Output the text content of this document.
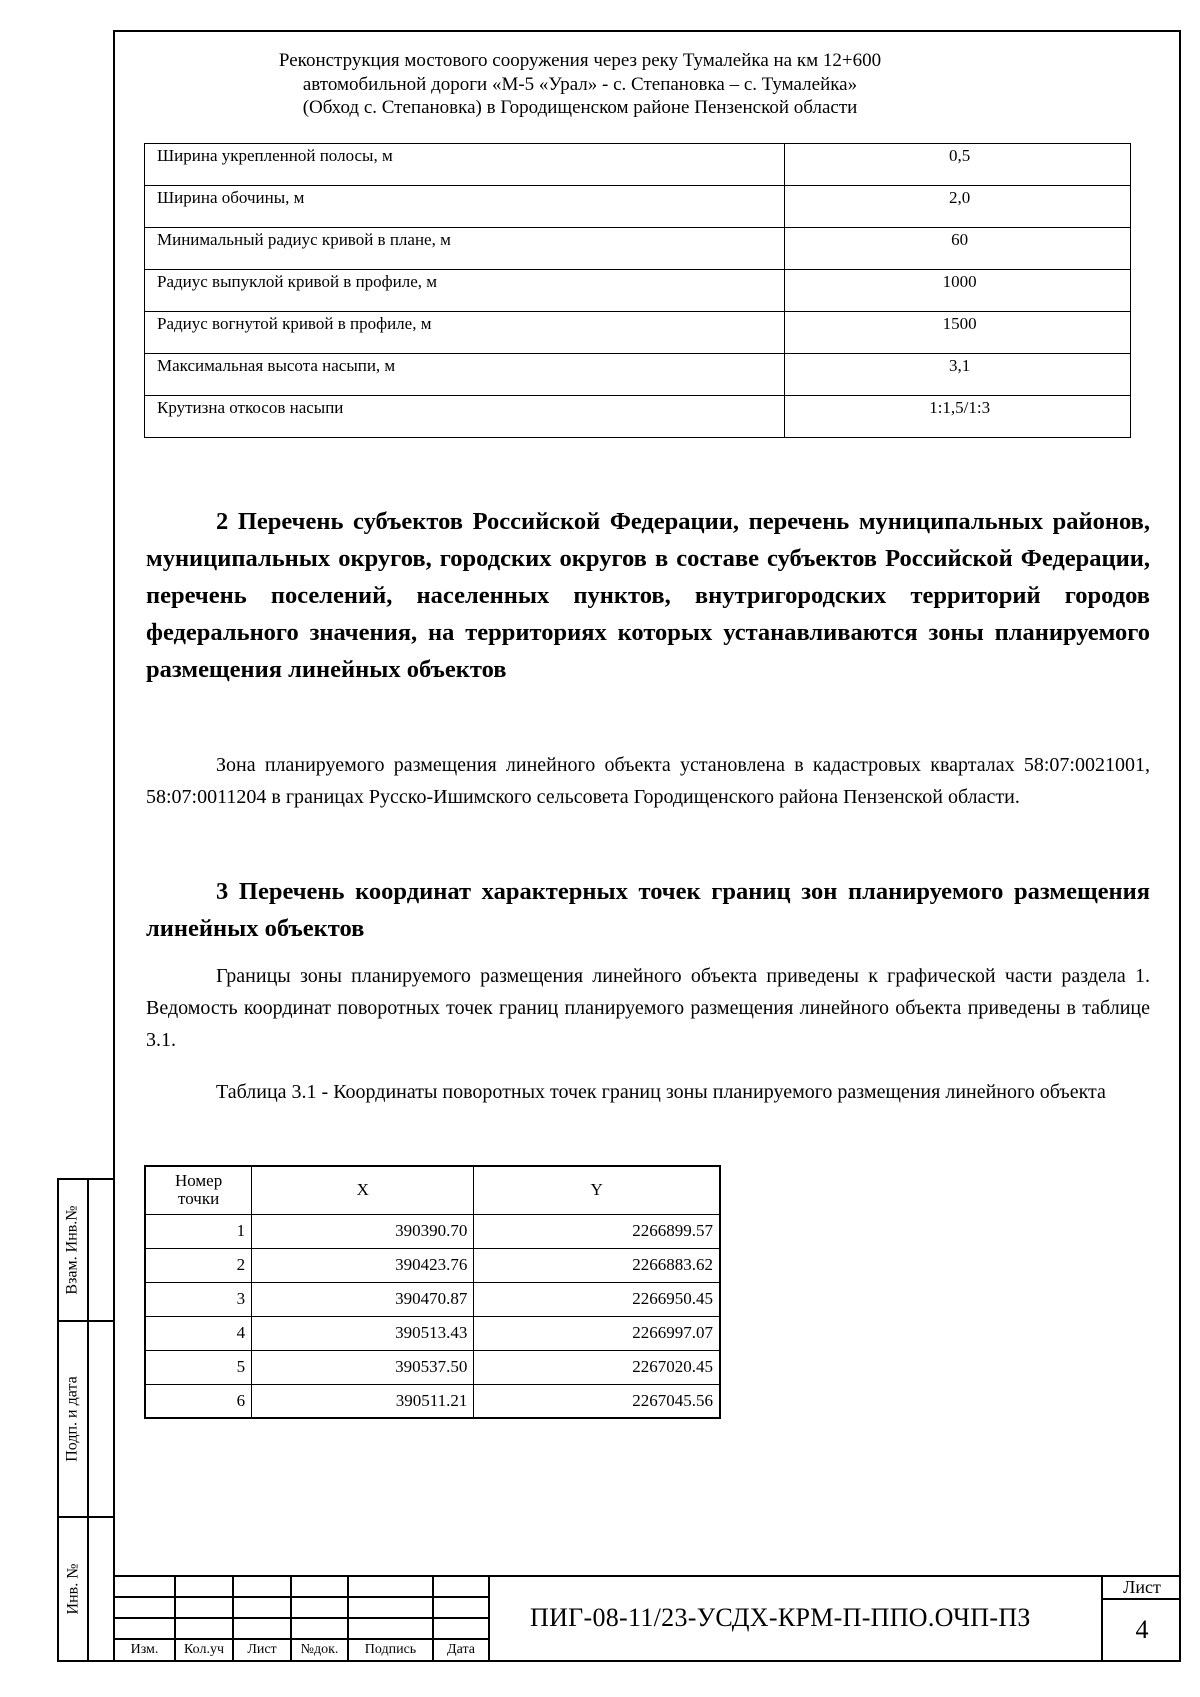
Реконструкция мостового сооружения через реку Тумалейка на км 12+600
автомобильной дороги «М-5 «Урал» - с. Степановка – с. Тумалейка»
(Обход с. Степановка) в Городищенском районе Пензенской области
Ширина укрепленной полосы, м	0,5
Ширина обочины, м	2,0
Минимальный радиус кривой в плане, м	60
Радиус выпуклой кривой в профиле, м	1000
Радиус вогнутой кривой в профиле, м	1500
Максимальная высота насыпи, м	3,1
Крутизна откосов насыпи	1:1,5/1:3
2 Перечень субъектов Российской Федерации, перечень муниципальных районов, муниципальных округов, городских округов в составе субъектов Российской Федерации, перечень поселений, населенных пунктов, внутригородских территорий городов федерального значения, на территориях которых устанавливаются зоны планируемого размещения линейных объектов
Зона планируемого размещения линейного объекта установлена в кадастровых кварталах 58:07:0021001, 58:07:0011204 в границах Русско-Ишимского сельсовета Городищенского района Пензенской области.
3 Перечень координат характерных точек границ зон планируемого размещения линейных объектов
Границы зоны планируемого размещения линейного объекта приведены к графической части раздела 1. Ведомость координат поворотных точек границ планируемого размещения линейного объекта приведены в таблице 3.1.
Таблица 3.1 - Координаты поворотных точек границ зоны планируемого размещения линейного объекта
Номер
точки	X	Y
1	390390.70	2266899.57
2	390423.76	2266883.62
3	390470.87	2266950.45
4	390513.43	2266997.07
5	390537.50	2267020.45
6	390511.21	2267045.56
Взам. Инв.№
Подп. и дата
Инв. №
Изм.	Кол.уч	Лист	№док.	Подпись	Дата
ПИГ-08-11/23-УСДХ-КРМ-П-ППО.ОЧП-ПЗ
Лист
4
